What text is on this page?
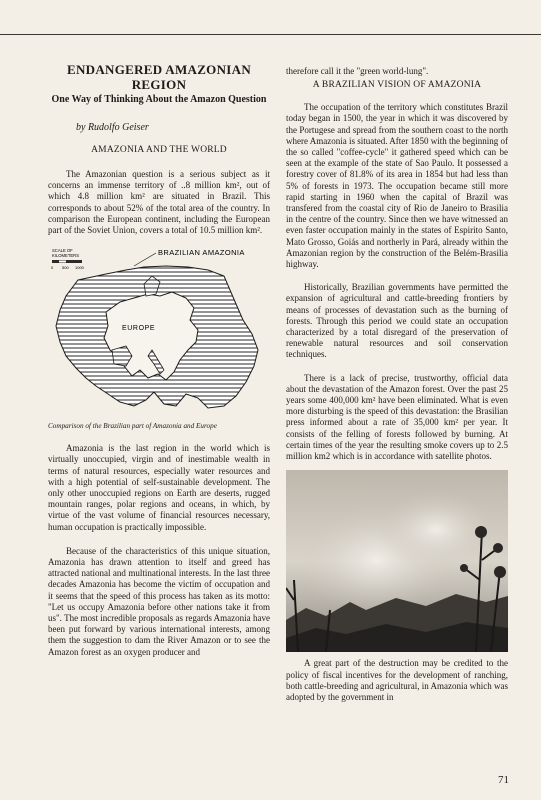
ENDANGERED AMAZONIAN
REGION
One Way of Thinking About the Amazon Question
by Rudolfo Geiser
AMAZONIA AND THE WORLD

The Amazonian question is a serious subject as it concerns an immense territory of ..8 million km², out of which 4.8 million km² are situated in Brazil. This corresponds to about 52% of the total area of the country. In comparison the European continent, including the European part of the Soviet Union, covers a total of 10.5 million km².

SCALE OF
KILOMETERS
0 500 1000
BRAZILIAN AMAZONIA
EUROPE
Comparison of the Brazilian part of Amazonia and Europe

Amazonia is the last region in the world which is virtually unoccupied, virgin and of inestimable wealth in terms of natural resources, especially water resources and with a high potential of self-sustainable development. The only other unoccupied regions on Earth are deserts, rugged mountain ranges, polar regions and oceans, in which, by virtue of the vast volume of financial resources necessary, human occupation is practically impossible.

Because of the characteristics of this unique situation, Amazonia has drawn attention to itself and greed has attracted national and multinational interests. In the last three decades Amazonia has become the victim of occupation and it seems that the speed of this process has taken as its motto: "Let us occupy Amazonia before other nations take it from us". The most incredible proposals as regards Amazonia have been put forward by various international interests, among them the suggestion to dam the River Amazon or to see the Amazon forest as an oxygen producer and

therefore call it the "green world-lung".

A BRAZILIAN VISION OF AMAZONIA

The occupation of the territory which constitutes Brazil today began in 1500, the year in which it was discovered by the Portugese and spread from the southern coast to the north where Amazonia is situated. After 1850 with the beginning of the so called "coffee-cycle" it gathered speed which can be seen at the example of the state of Sao Paulo. It possessed a forestry cover of 81.8% of its area in 1854 but had less than 5% of forests in 1973. The occupation became still more rapid starting in 1960 when the capital of Brazil was transfered from the coastal city of Rio de Janeiro to Brasilia in the centre of the country. Since then we have witnessed an even faster occupation mainly in the states of Espirito Santo, Mato Grosso, Goiás and northerly in Pará, already within the Amazonian region by the construction of the Belém-Brasilia highway.

Historically, Brazilian governments have permitted the expansion of agricultural and cattle-breeding frontiers by means of processes of devastation such as the burning of forests. Through this period we could state an occupation characterized by a total disregard of the preservation of renewable natural resources and soil conservation techniques.

There is a lack of precise, trustworthy, official data about the devastation of the Amazon forest. Over the past 25 years some 400,000 km² have been eliminated. What is even more disturbing is the speed of this devastation: the Brasilian press informed about a rate of 35,000 km² per year. It consists of the felling of forests followed by burning. At certain times of the year the resulting smoke covers up to 2.5 million km2 which is in accordance with satellite photos.

A great part of the destruction may be credited to the policy of fiscal incentives for the development of ranching, both cattle-breeding and agricultural, in Amazonia which was adopted by the government in

71
